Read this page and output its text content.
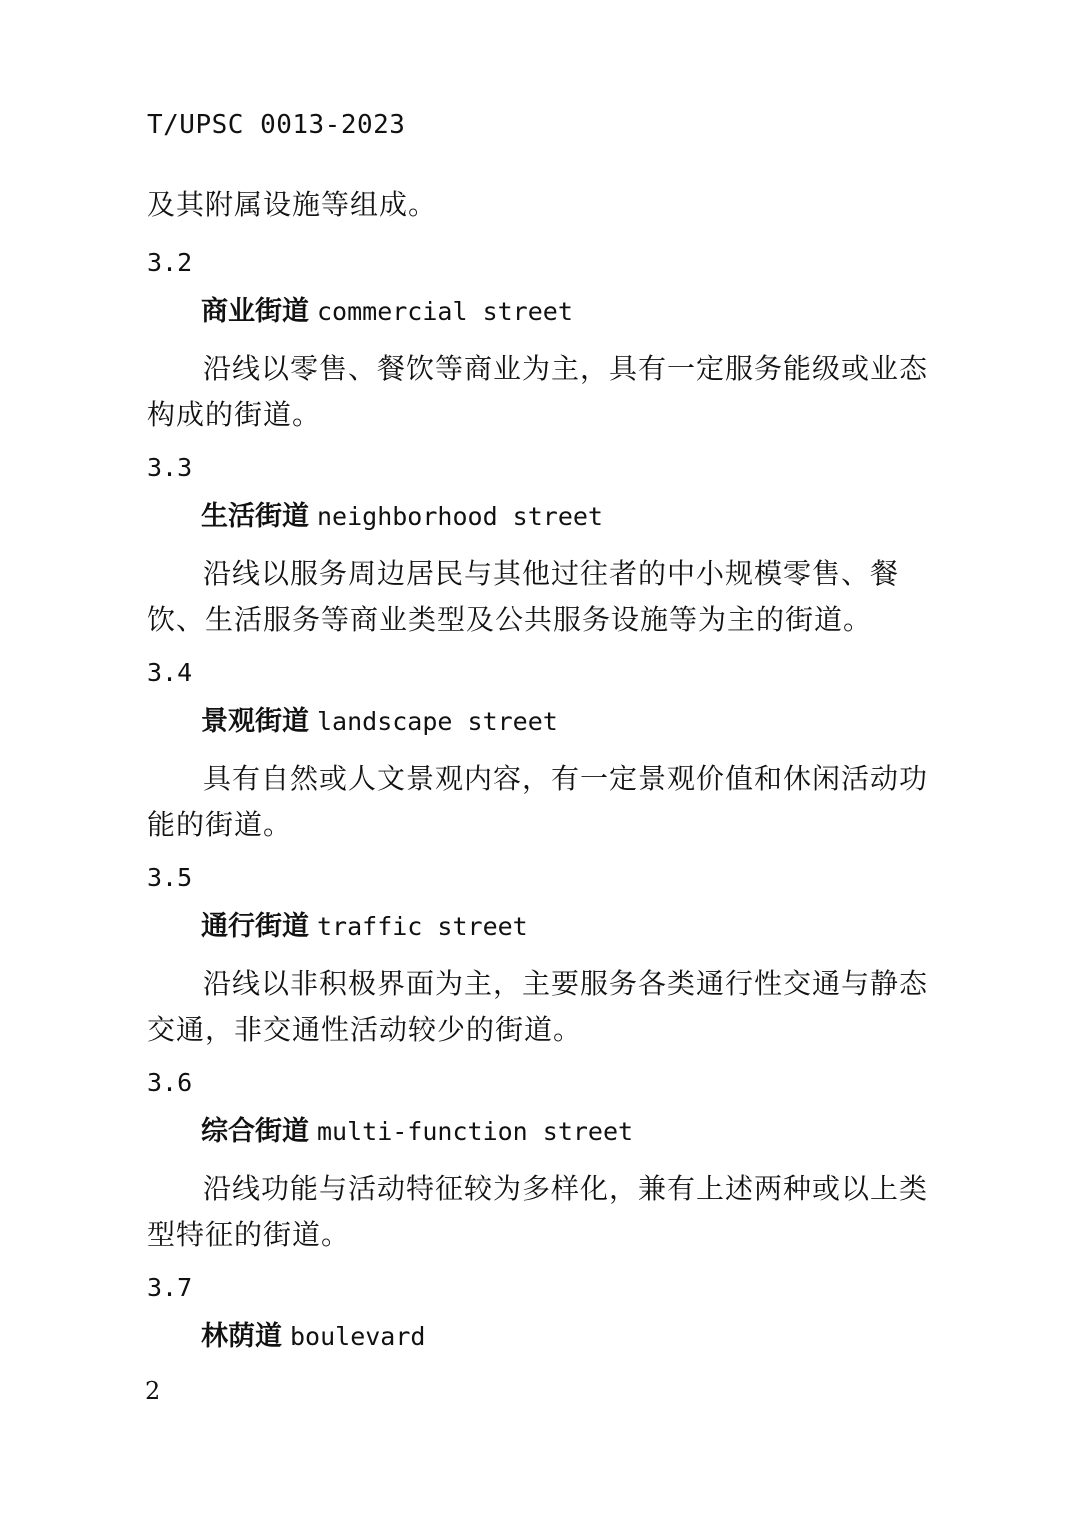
T/UPSC 0013-2023
及其附属设施等组成。
3.2
商业街道 commercial street
沿线以零售、餐饮等商业为主，具有一定服务能级或业态构成的街道。
3.3
生活街道 neighborhood street
沿线以服务周边居民与其他过往者的中小规模零售、餐饮、生活服务等商业类型及公共服务设施等为主的街道。
3.4
景观街道 landscape street
具有自然或人文景观内容，有一定景观价值和休闲活动功能的街道。
3.5
通行街道 traffic street
沿线以非积极界面为主，主要服务各类通行性交通与静态交通，非交通性活动较少的街道。
3.6
综合街道 multi-function street
沿线功能与活动特征较为多样化，兼有上述两种或以上类型特征的街道。
3.7
林荫道 boulevard
2
